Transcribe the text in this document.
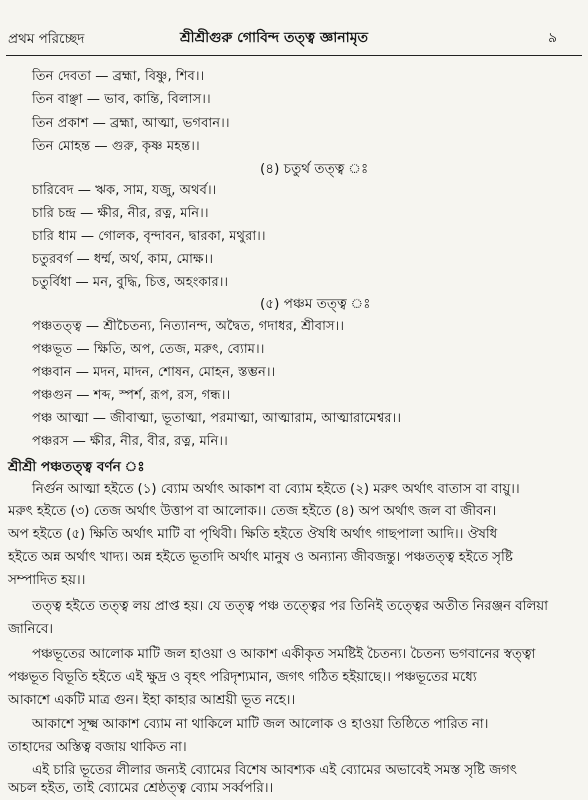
প্রথম পরিচ্ছেদ	শ্রীশ্রীগুরু গোবিন্দ তত্ত্ব জ্ঞানামৃত	৯
তিন দেবতা — ব্রহ্মা, বিষ্ণু, শিব।।
তিন বাঞ্ছা — ভাব, কান্তি, বিলাস।।
তিন প্রকাশ — ব্রহ্মা, আত্মা, ভগবান।।
তিন মোহন্ত — গুরু, কৃষ্ণ মহন্ত।।
(৪) চতুর্থ তত্ত্ব ঃ
চারিবেদ — ঋক, সাম, যজু, অথর্ব।।
চারি চন্দ্র — ক্ষীর, নীর, রত্ন, মনি।।
চারি ধাম — গোলক, বৃন্দাবন, দ্বারকা, মথুরা।।
চতুরবর্গ — ধর্ম্ম, অর্থ, কাম, মোক্ষ।।
চতুর্বিধা — মন, বুদ্ধি, চিত্ত, অহংকার।।
(৫) পঞ্চম তত্ত্ব ঃ
পঞ্চতত্ত্ব — শ্রীচৈতন্য, নিত্যানন্দ, অদ্বৈত, গদাধর, শ্রীবাস।।
পঞ্চভূত — ক্ষিতি, অপ, তেজ, মরুৎ, ব্যোম।।
পঞ্চবান — মদন, মাদন, শোষন, মোহন, স্তম্ভন।।
পঞ্চগুন — শব্দ, স্পর্শ, রূপ, রস, গন্ধ।।
পঞ্চ আত্মা — জীবাত্মা, ভূতাত্মা, পরমাত্মা, আত্মারাম, আত্মারামেশ্বর।।
পঞ্চরস — ক্ষীর, নীর, বীর, রত্ন, মনি।।
শ্রীশ্রী পঞ্চতত্ত্ব বর্ণন ঃ
নির্গুন আত্মা হইতে (১) ব্যোম অর্থাৎ আকাশ বা ব্যোম হইতে (২) মরুৎ অর্থাৎ বাতাস বা বায়ু।।
মরুৎ হইতে (৩) তেজ অর্থাৎ উত্তাপ বা আলোক।। তেজ হইতে (৪) অপ অর্থাৎ জল বা জীবন।
অপ হইতে (৫) ক্ষিতি অর্থাৎ মাটি বা পৃথিবী। ক্ষিতি হইতে ঔষধি অর্থাৎ গাছপালা আদি।। ঔষধি
হইতে অন্ন অর্থাৎ খাদ্য। অন্ন হইতে ভূতাদি অর্থাৎ মানুষ ও অন্যান্য জীবজন্তু। পঞ্চতত্ত্ব হইতে সৃষ্টি
সম্পাদিত হয়।।
তত্ত্ব হইতে তত্ত্ব লয় প্রাপ্ত হয়। যে তত্ত্ব পঞ্চ তত্ত্বের পর তিনিই তত্ত্বের অতীত নিরঞ্জন বলিয়া
জানিবে।
পঞ্চভূতের আলোক মাটি জল হাওয়া ও আকাশ একীকৃত সমষ্টিই চৈতন্য। চৈতন্য ভগবানের স্বত্ত্বা
পঞ্চভূত বিভূতি হইতে এই ক্ষুদ্র ও বৃহৎ পরিদৃশ্যমান, জগৎ গঠিত হইয়াছে।। পঞ্চভূতের মধ্যে
আকাশে একটি মাত্র গুন। ইহা কাহার আশ্রয়ী ভূত নহে।।
আকাশে সূক্ষ্ম আকাশ ব্যোম না থাকিলে মাটি জল আলোক ও হাওয়া তিষ্ঠিতে পারিত না।
তাহাদের অস্তিত্ব বজায় থাকিত না।
এই চারি ভূতের লীলার জন্যই ব্যোমের বিশেষ আবশ্যক এই ব্যোমের অভাবেই সমস্ত সৃষ্টি জগৎ
অচল হইত, তাই ব্যোমের শ্রেষ্ঠত্ত্ব ব্যোম সর্ব্বপরি।।
